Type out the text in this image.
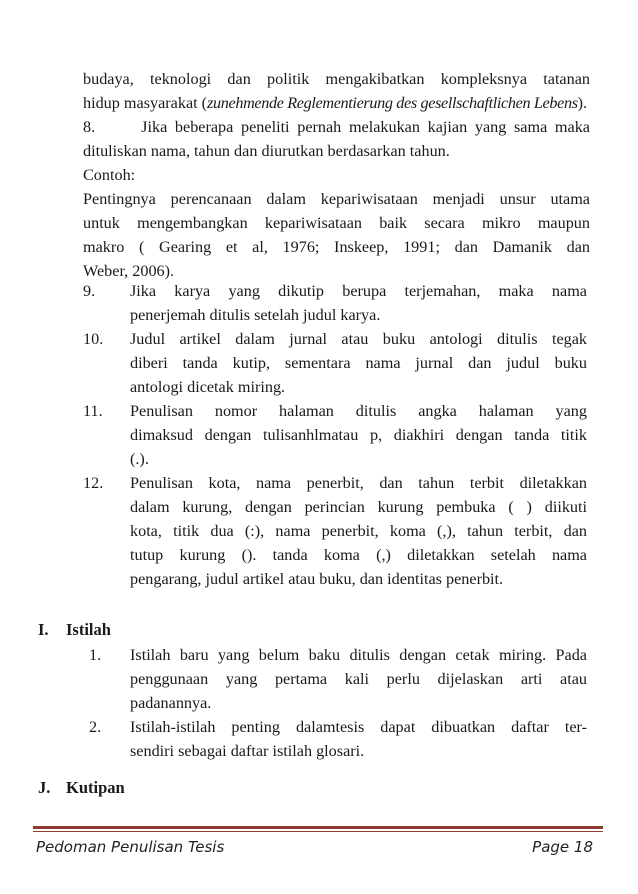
budaya, teknologi dan politik mengakibatkan kompleksnya tatanan
hidup masyarakat (zunehmende Reglementierung des gesellschaftlichen Lebens).
8.      Jika beberapa peneliti pernah melakukan kajian yang sama maka
dituliskan nama, tahun dan diurutkan berdasarkan tahun.
Contoh:
Pentingnya perencanaan dalam kepariwisataan menjadi unsur utama
untuk mengembangkan kepariwisataan baik secara mikro maupun
makro ( Gearing et al, 1976; Inskeep, 1991; dan Damanik dan
Weber, 2006).
9. Jika karya yang dikutip berupa terjemahan, maka nama
penerjemah ditulis setelah judul karya.
10. Judul artikel dalam jurnal atau buku antologi ditulis tegak
diberi tanda kutip, sementara nama jurnal dan judul buku
antologi dicetak miring.
11. Penulisan nomor halaman ditulis angka halaman yang
dimaksud dengan tulisanhlmatau p, diakhiri dengan tanda titik
(.).
12. Penulisan kota, nama penerbit, dan tahun terbit diletakkan
dalam kurung, dengan perincian kurung pembuka ( ) diikuti
kota, titik dua (:), nama penerbit, koma (,), tahun terbit, dan
tutup kurung (). tanda koma (,) diletakkan setelah nama
pengarang, judul artikel atau buku, dan identitas penerbit.
I. Istilah
1. Istilah baru yang belum baku ditulis dengan cetak miring. Pada
penggunaan yang pertama kali perlu dijelaskan arti atau
padanannya.
2. Istilah-istilah penting dalamtesis dapat dibuatkan daftar ter-
sendiri sebagai daftar istilah glosari.
J. Kutipan
Pedoman Penulisan Tesis	Page 18
